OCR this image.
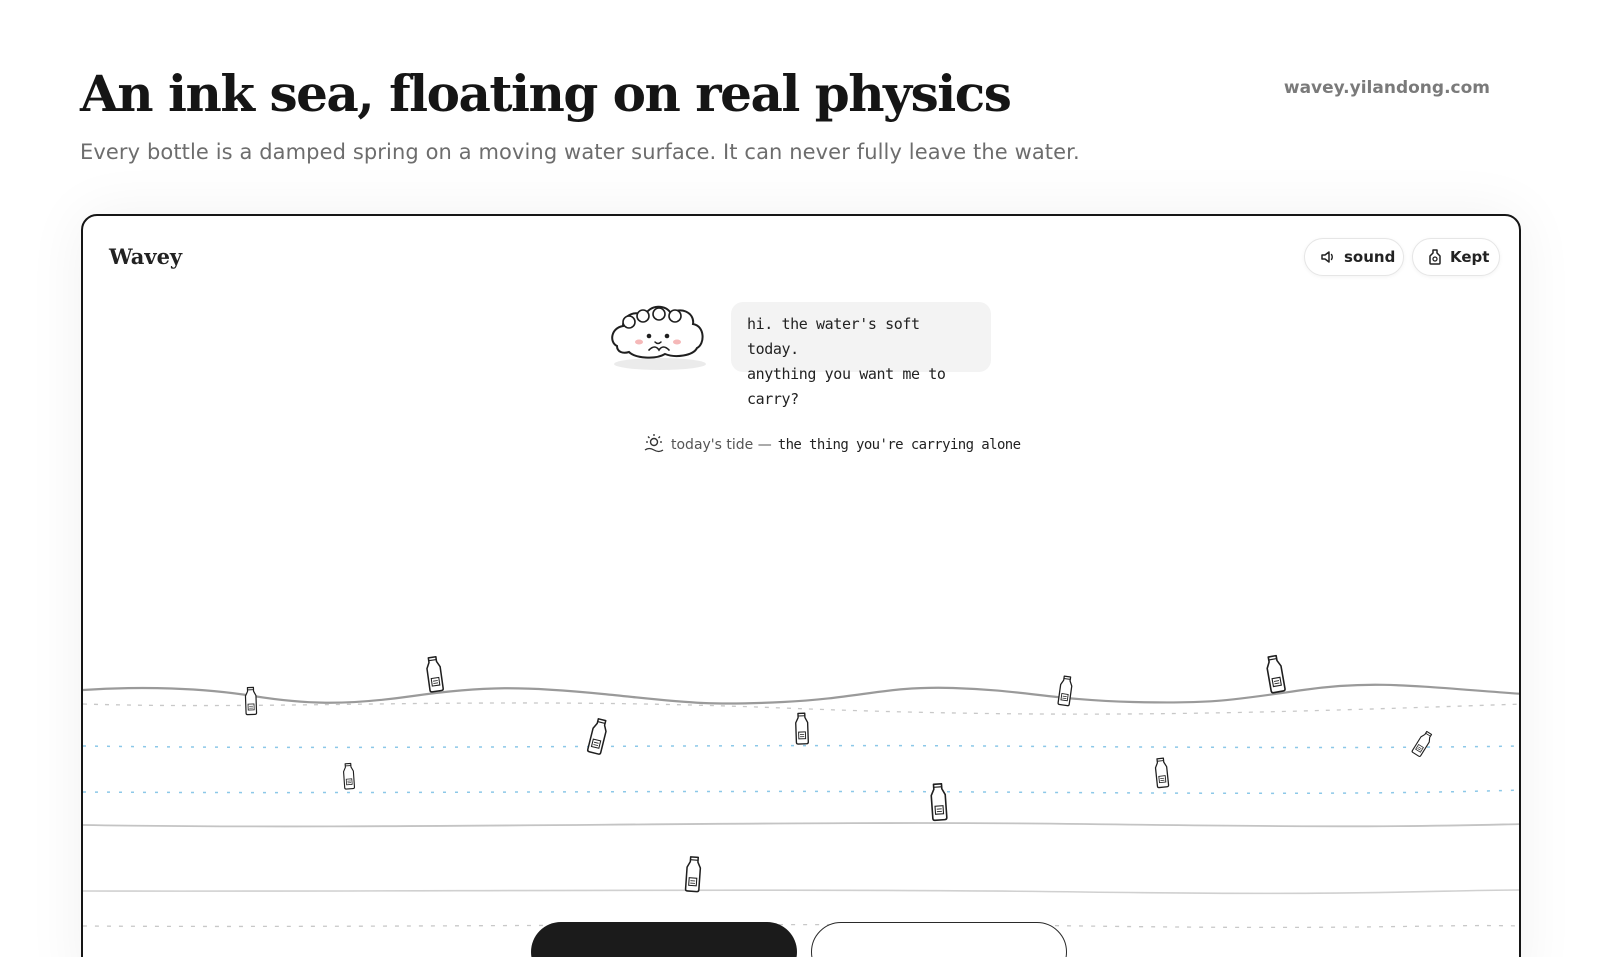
An ink sea, floating on real physics

Every bottle is a damped spring on a moving water surface. It can never fully leave the water.

wavey.yilandong.com
Wavey	sound	Kept
hi. the water's soft today.
anything you want me to carry?
today's tide — the thing you're carrying alone
